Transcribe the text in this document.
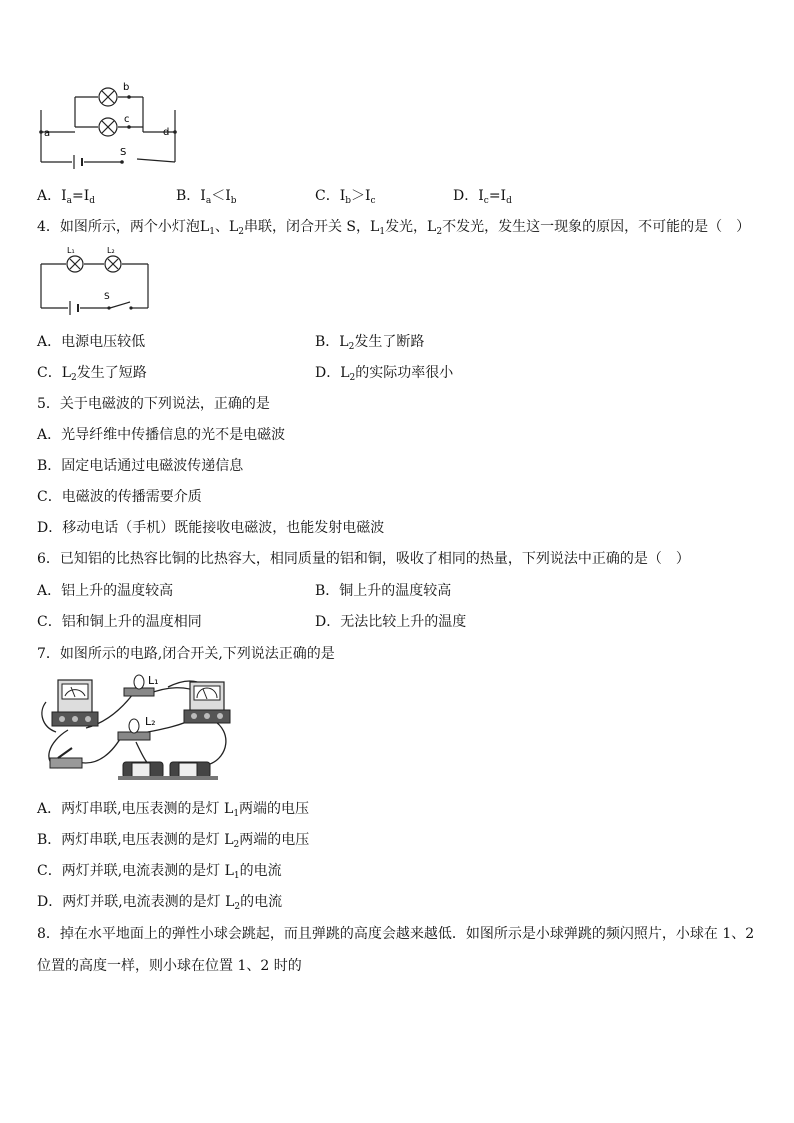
a
b
c
d
S
A．$I_a=I_d$	B．$I_a<I_b$	C．$I_b>I_c$	D．$I_c=I_d$
4．如图所示，两个小灯泡$L_1$、$L_2$串联，闭合开关 S，$L_1$发光，$L_2$不发光，发生这一现象的原因，不可能的是（　）
L₁	L₂
S
A．电源电压较低	B．$L_2$发生了断路
C．$L_2$发生了短路	D．$L_2$的实际功率很小
5．关于电磁波的下列说法，正确的是
A．光导纤维中传播信息的光不是电磁波
B．固定电话通过电磁波传递信息
C．电磁波的传播需要介质
D．移动电话（手机）既能接收电磁波，也能发射电磁波
6．已知铝的比热容比铜的比热容大，相同质量的铝和铜，吸收了相同的热量，下列说法中正确的是（　）
A．铝上升的温度较高	B．铜上升的温度较高
C．铝和铜上升的温度相同	D．无法比较上升的温度
7．如图所示的电路,闭合开关,下列说法正确的是
L₁
L₂
A．两灯串联,电压表测的是灯 $L_1$两端的电压
B．两灯串联,电压表测的是灯 $L_2$两端的电压
C．两灯并联,电流表测的是灯 $L_1$的电流
D．两灯并联,电流表测的是灯 $L_2$的电流
8．掉在水平地面上的弹性小球会跳起，而且弹跳的高度会越来越低．如图所示是小球弹跳的频闪照片，小球在 1、2
位置的高度一样，则小球在位置 1、2 时的
